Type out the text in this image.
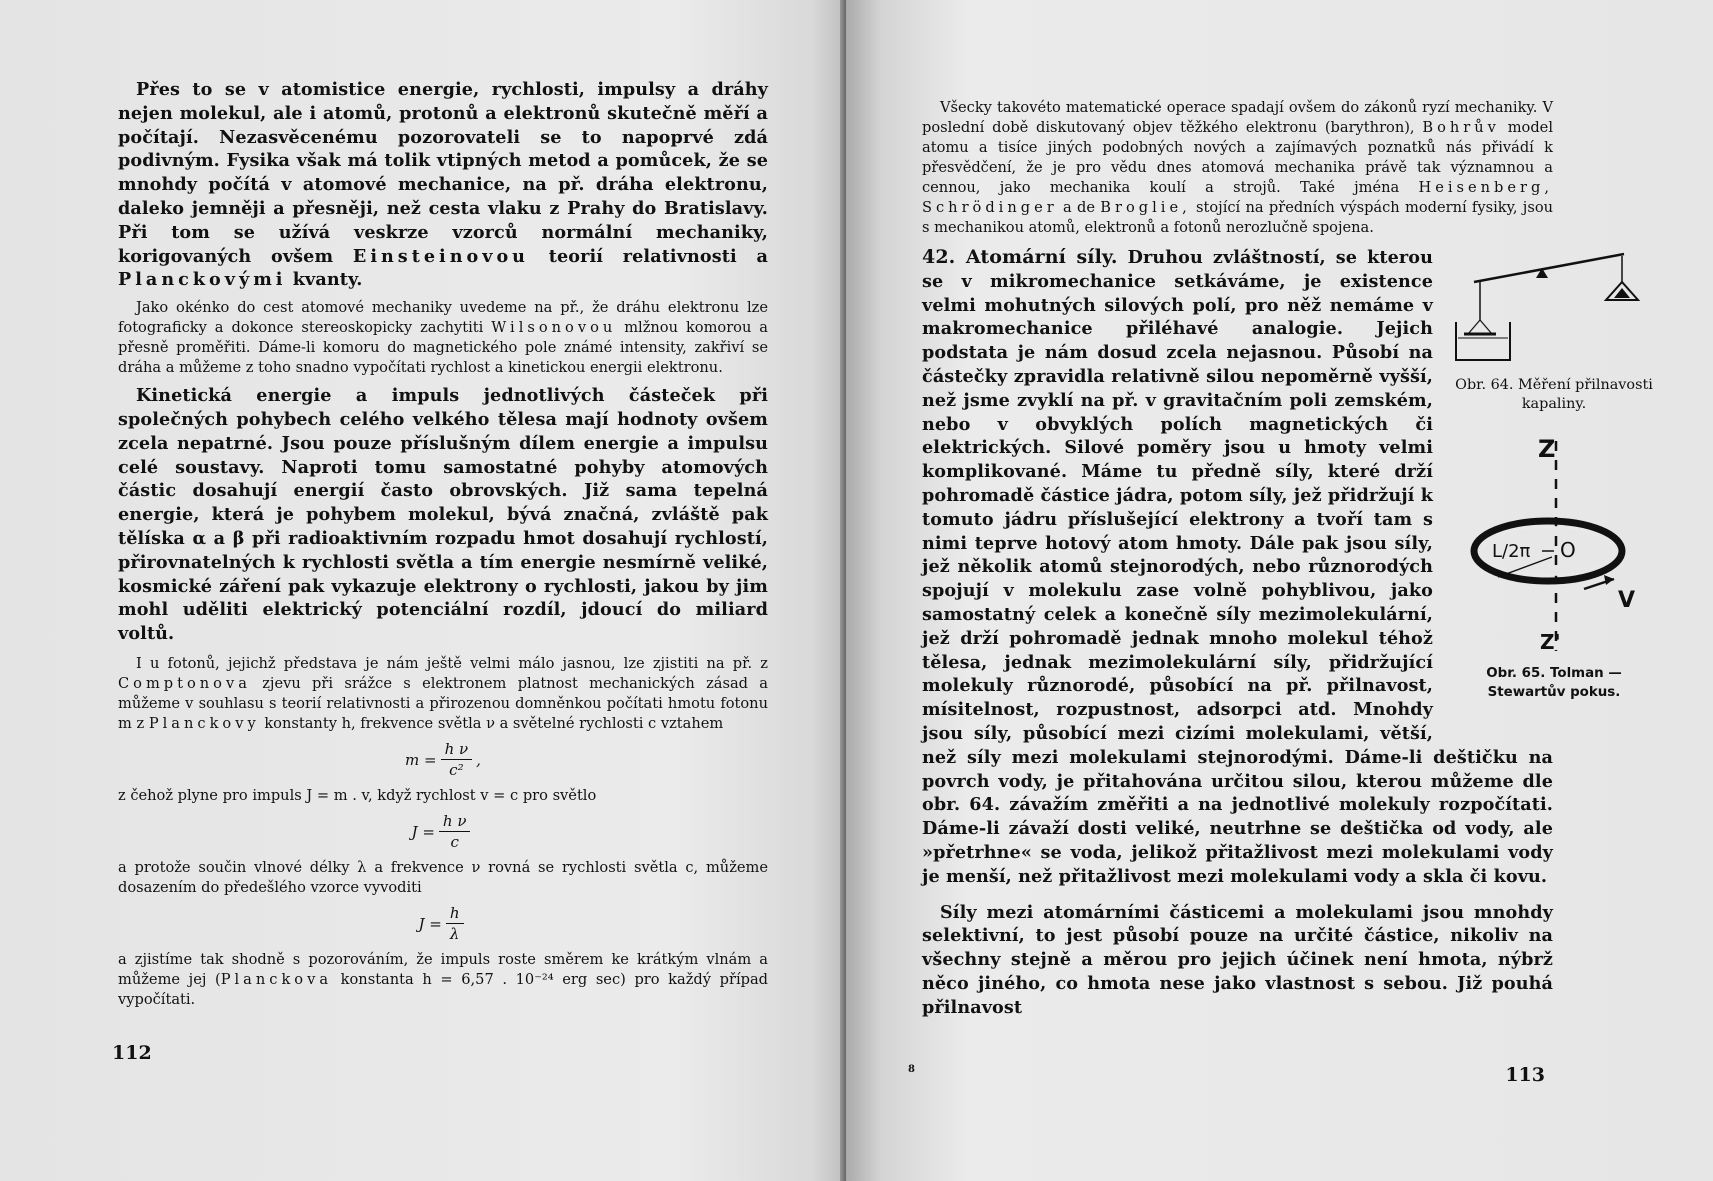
Přes to se v atomistice energie, rychlosti, impulsy a dráhy nejen molekul, ale i atomů, protonů a elektronů skutečně měří a počítají. Nezasvěcenému pozorovateli se to napoprvé zdá podivným. Fysika však má tolik vtipných metod a pomůcek, že se mnohdy počítá v atomové mechanice, na př. dráha elektronu, daleko jemněji a přesněji, než cesta vlaku z Prahy do Bratislavy. Při tom se užívá veskrze vzorců normální mechaniky, korigovaných ovšem Einsteinovou teorií relativnosti a Planckovými kvanty.

Jako okénko do cest atomové mechaniky uvedeme na př., že dráhu elektronu lze fotograficky a dokonce stereoskopicky zachytiti Wilsonovou mlžnou komorou a přesně proměřiti. Dáme-li komoru do magnetického pole známé intensity, zakřiví se dráha a můžeme z toho snadno vypočítati rychlost a kinetickou energii elektronu.

Kinetická energie a impuls jednotlivých částeček při společných pohybech celého velkého tělesa mají hodnoty ovšem zcela nepatrné. Jsou pouze příslušným dílem energie a impulsu celé soustavy. Naproti tomu samostatné pohyby atomových částic dosahují energií často obrovských. Již sama tepelná energie, která je pohybem molekul, bývá značná, zvláště pak tělíska α a β při radioaktivním rozpadu hmot dosahují rychlostí, přirovnatelných k rychlosti světla a tím energie nesmírně veliké, kosmické záření pak vykazuje elektrony o rychlosti, jakou by jim mohl uděliti elektrický potenciální rozdíl, jdoucí do miliard voltů.

I u fotonů, jejichž představa je nám ještě velmi málo jasnou, lze zjistiti na př. z Comptonova zjevu při srážce s elektronem platnost mechanických zásad a můžeme v souhlasu s teorií relativnosti a přirozenou domněnkou počítati hmotu fotonu m z Planckovy konstanty h, frekvence světla ν a světelné rychlosti c vztahem

$m = \frac{\text{h ν}}{\text{c²}}$ ,

z čehož plyne pro impuls J = m . v, když rychlost v = c pro světlo

$J = \frac{\text{h ν}}{c}$

a protože součin vlnové délky λ a frekvence ν rovná se rychlosti světla c, můžeme dosazením do předešlého vzorce vyvoditi

$J = \frac{h}{\lambda}$

a zjistíme tak shodně s pozorováním, že impuls roste směrem ke krátkým vlnám a můžeme jej (Planckova konstanta h = 6,57 . 10⁻²⁴ erg sec) pro každý případ vypočítati.

112

Všecky takovéto matematické operace spadají ovšem do zákonů ryzí mechaniky. V poslední době diskutovaný objev těžkého elektronu (barythron), Bohrův model atomu a tisíce jiných podobných nových a zajímavých poznatků nás přivádí k přesvědčení, že je pro vědu dnes atomová mechanika právě tak významnou a cennou, jako mechanika koulí a strojů. Také jména Heisenberg, Schrödinger a de Broglie, stojící na předních výspách moderní fysiky, jsou s mechanikou atomů, elektronů a fotonů nerozlučně spojena.

Obr. 64. Měření přilnavosti kapaliny.
Z
L/2π O
V
Z'
Obr. 65. Tolman — Stewartův pokus.

42. Atomární síly. Druhou zvláštností, se kterou se v mikromechanice setkáváme, je existence velmi mohutných silových polí, pro něž nemáme v makromechanice přiléhavé analogie. Jejich podstata je nám dosud zcela nejasnou. Působí na částečky zpravidla relativně silou nepoměrně vyšší, než jsme zvyklí na př. v gravitačním poli zemském, nebo v obvyklých polích magnetických či elektrických. Silové poměry jsou u hmoty velmi komplikované. Máme tu předně síly, které drží pohromadě částice jádra, potom síly, jež přidržují k tomuto jádru příslušející elektrony a tvoří tam s nimi teprve hotový atom hmoty. Dále pak jsou síly, jež několik atomů stejnorodých, nebo různorodých spojují v molekulu zase volně pohyblivou, jako samostatný celek a konečně síly mezimolekulární, jež drží pohromadě jednak mnoho molekul téhož tělesa, jednak mezimolekulární síly, přidržující molekuly různorodé, působící na př. přilnavost, mísitelnost, rozpustnost, adsorpci atd. Mnohdy jsou síly, působící mezi cizími molekulami, větší, než síly mezi molekulami stejnorodými. Dáme-li deštičku na povrch vody, je přitahována určitou silou, kterou můžeme dle obr. 64. závažím změřiti a na jednotlivé molekuly rozpočítati. Dáme-li závaží dosti veliké, neutrhne se deštička od vody, ale »přetrhne« se voda, jelikož přitažlivost mezi molekulami vody je menší, než přitažlivost mezi molekulami vody a skla či kovu.

Síly mezi atomárními částicemi a molekulami jsou mnohdy selektivní, to jest působí pouze na určité částice, nikoliv na všechny stejně a měrou pro jejich účinek není hmota, nýbrž něco jiného, co hmota nese jako vlastnost s sebou. Již pouhá přilnavost

8	113
